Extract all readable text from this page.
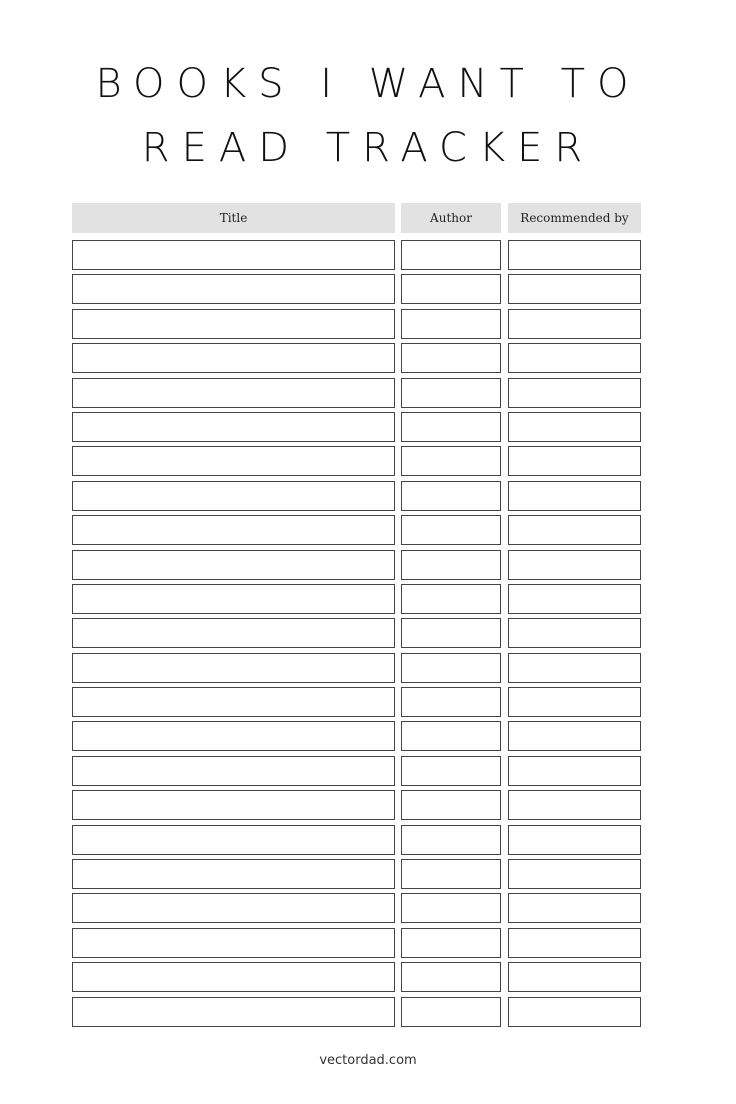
BOOKS I WANT TO
READ TRACKER
Title	Author	Recommended by
vectordad.com
